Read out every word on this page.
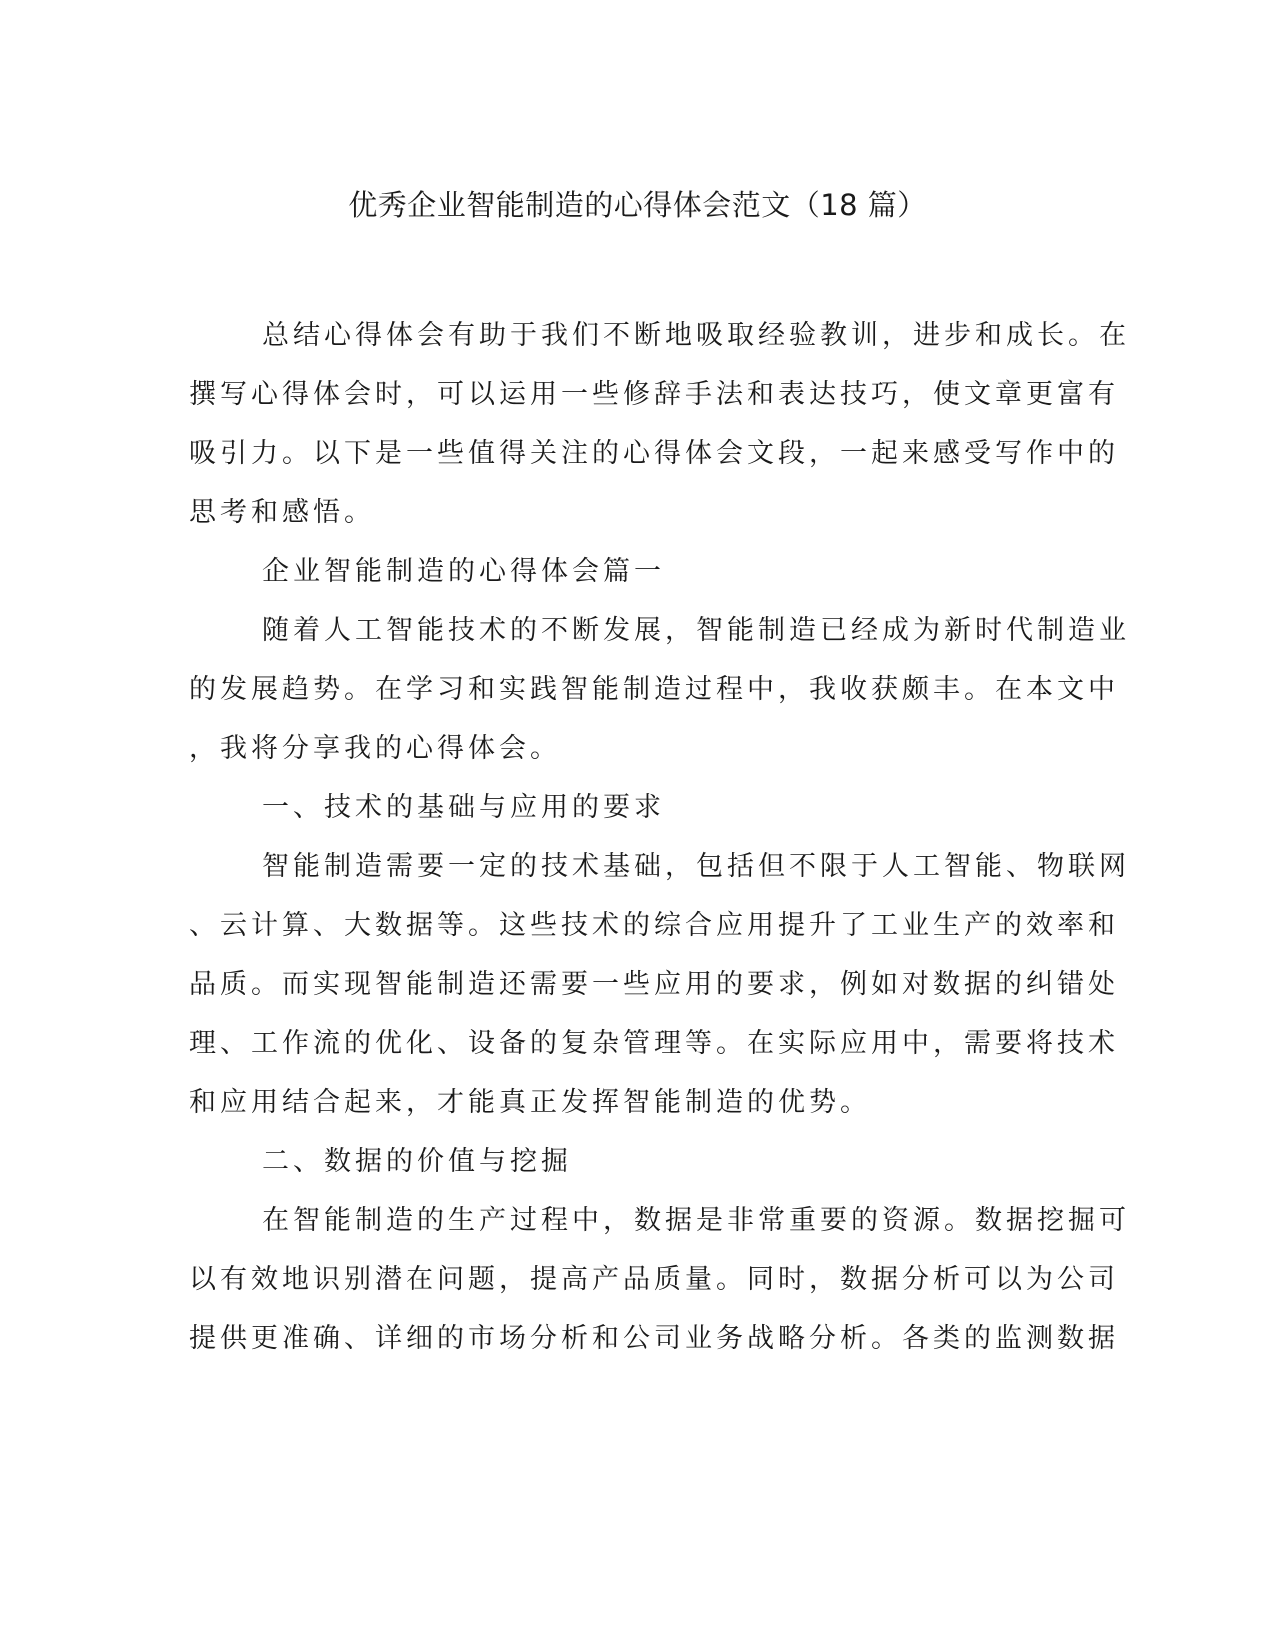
优秀企业智能制造的心得体会范文（18 篇）

总结心得体会有助于我们不断地吸取经验教训，进步和成长。在

撰写心得体会时，可以运用一些修辞手法和表达技巧，使文章更富有

吸引力。以下是一些值得关注的心得体会文段，一起来感受写作中的

思考和感悟。

企业智能制造的心得体会篇一

随着人工智能技术的不断发展，智能制造已经成为新时代制造业

的发展趋势。在学习和实践智能制造过程中，我收获颇丰。在本文中

，我将分享我的心得体会。

一、技术的基础与应用的要求

智能制造需要一定的技术基础，包括但不限于人工智能、物联网

、云计算、大数据等。这些技术的综合应用提升了工业生产的效率和

品质。而实现智能制造还需要一些应用的要求，例如对数据的纠错处

理、工作流的优化、设备的复杂管理等。在实际应用中，需要将技术

和应用结合起来，才能真正发挥智能制造的优势。

二、数据的价值与挖掘

在智能制造的生产过程中，数据是非常重要的资源。数据挖掘可

以有效地识别潜在问题，提高产品质量。同时，数据分析可以为公司

提供更准确、详细的市场分析和公司业务战略分析。各类的监测数据
